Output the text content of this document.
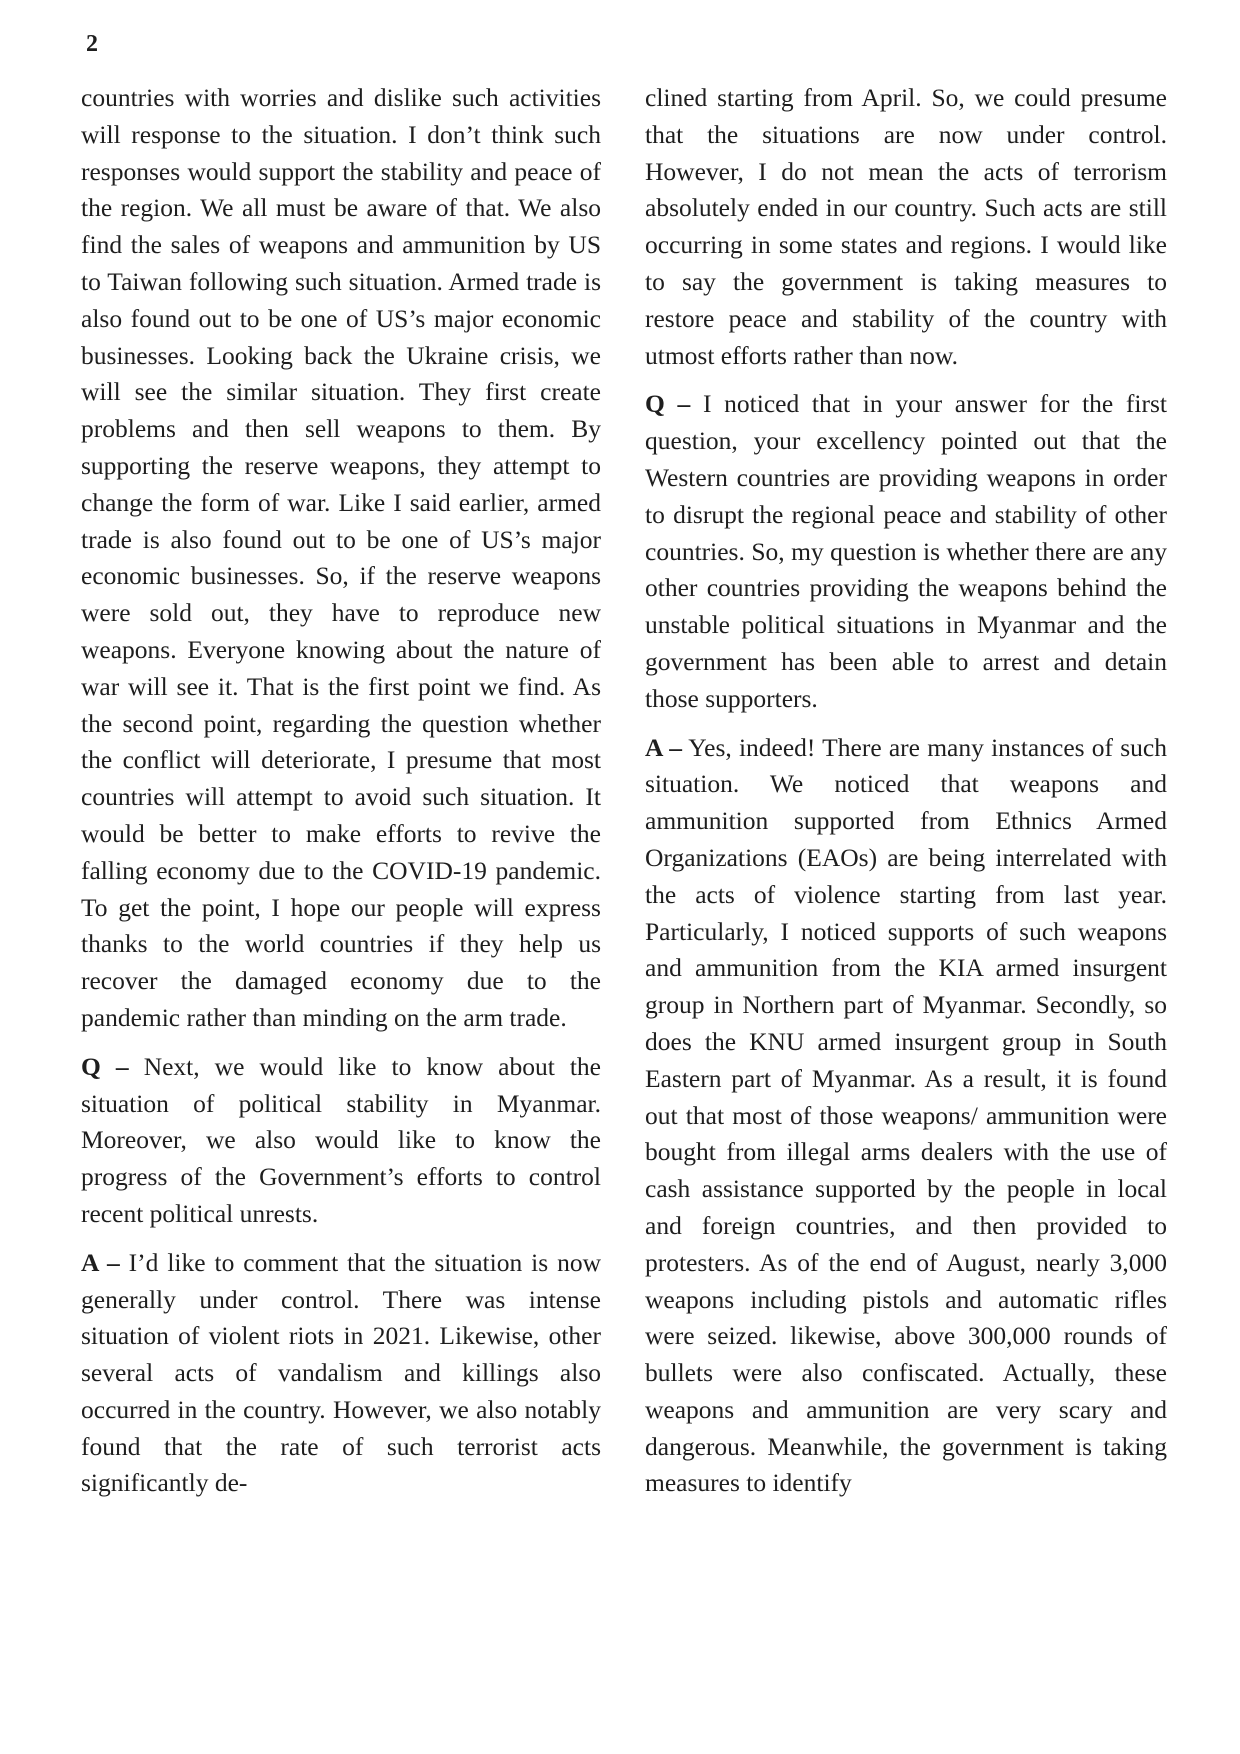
2

countries with worries and dislike such activities will response to the situation. I don’t think such responses would support the stability and peace of the region. We all must be aware of that. We also find the sales of weapons and ammunition by US to Taiwan following such situation. Armed trade is also found out to be one of US’s major economic businesses. Looking back the Ukraine crisis, we will see the similar situation. They first create problems and then sell weapons to them. By supporting the reserve weapons, they attempt to change the form of war. Like I said earlier, armed trade is also found out to be one of US’s major economic businesses. So, if the reserve weapons were sold out, they have to reproduce new weapons. Everyone knowing about the nature of war will see it. That is the first point we find. As the second point, regarding the question whether the conflict will deteriorate, I presume that most countries will attempt to avoid such situation. It would be better to make efforts to revive the falling economy due to the COVID-19 pandemic. To get the point, I hope our people will express thanks to the world countries if they help us recover the damaged economy due to the pandemic rather than minding on the arm trade.

Q – Next, we would like to know about the situation of political stability in Myanmar. Moreover, we also would like to know the progress of the Government’s efforts to control recent political unrests.

A – I’d like to comment that the situation is now generally under control. There was intense situation of violent riots in 2021. Likewise, other several acts of vandalism and killings also occurred in the country. However, we also notably found that the rate of such terrorist acts significantly de-

clined starting from April. So, we could presume that the situations are now under control. However, I do not mean the acts of terrorism absolutely ended in our country. Such acts are still occurring in some states and regions. I would like to say the government is taking measures to restore peace and stability of the country with utmost efforts rather than now.

Q – I noticed that in your answer for the first question, your excellency pointed out that the Western countries are providing weapons in order to disrupt the regional peace and stability of other countries. So, my question is whether there are any other countries providing the weapons behind the unstable political situations in Myanmar and the government has been able to arrest and detain those supporters.

A – Yes, indeed! There are many instances of such situation. We noticed that weapons and ammunition supported from Ethnics Armed Organizations (EAOs) are being interrelated with the acts of violence starting from last year. Particularly, I noticed supports of such weapons and ammunition from the KIA armed insurgent group in Northern part of Myanmar. Secondly, so does the KNU armed insurgent group in South Eastern part of Myanmar. As a result, it is found out that most of those weapons/ ammunition were bought from illegal arms dealers with the use of cash assistance supported by the people in local and foreign countries, and then provided to protesters. As of the end of August, nearly 3,000 weapons including pistols and automatic rifles were seized. likewise, above 300,000 rounds of bullets were also confiscated. Actually, these weapons and ammunition are very scary and dangerous. Meanwhile, the government is taking measures to identify
